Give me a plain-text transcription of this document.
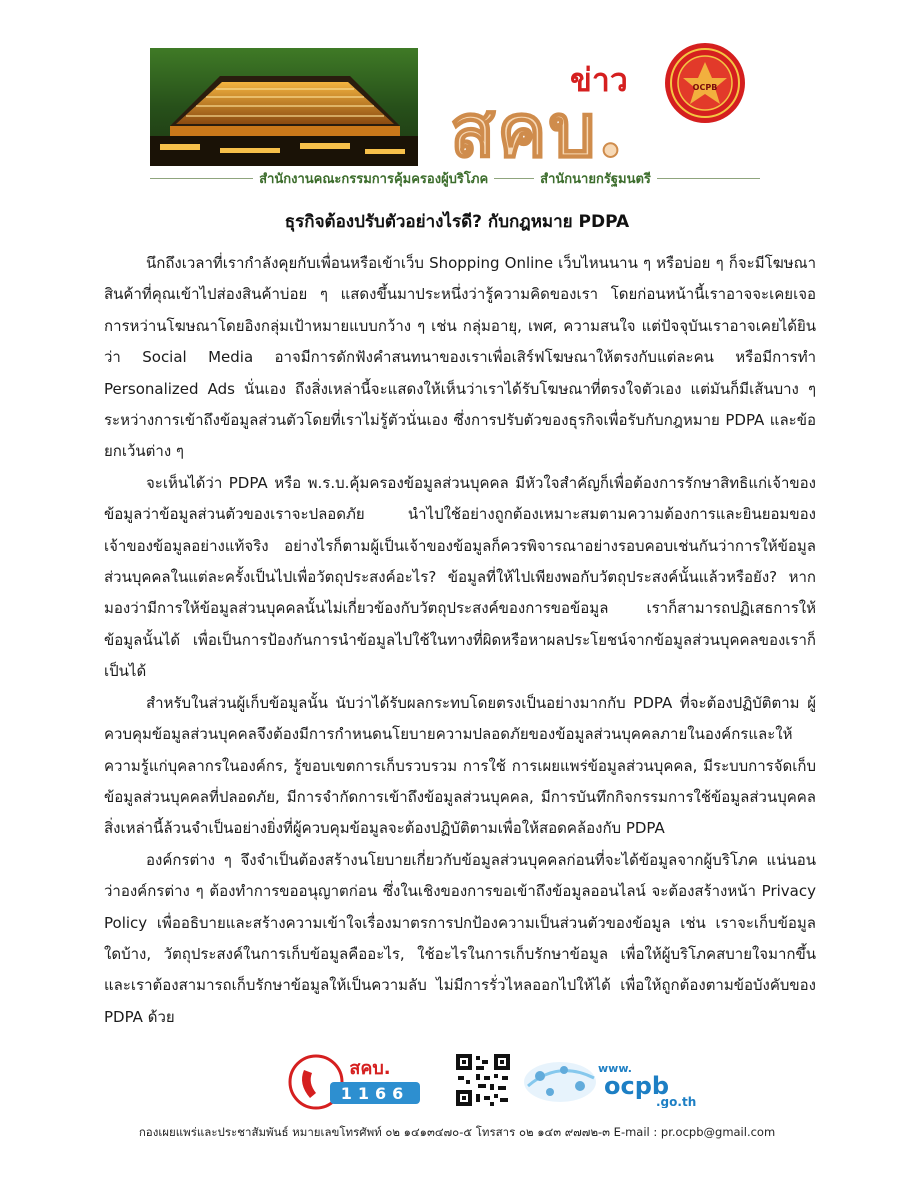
ข่าว
สคบ.
OCPB
สำนักงานคณะกรรมการคุ้มครองผู้บริโภค	สำนักนายกรัฐมนตรี
ธุรกิจต้องปรับตัวอย่างไรดี? กับกฎหมาย PDPA

นึกถึงเวลาที่เรากำลังคุยกับเพื่อนหรือเข้าเว็บ Shopping Online เว็บไหนนาน ๆ หรือบ่อย ๆ ก็จะมีโฆษณาสินค้าที่คุณเข้าไปส่องสินค้าบ่อย ๆ แสดงขึ้นมาประหนึ่งว่ารู้ความคิดของเรา โดยก่อนหน้านี้เราอาจจะเคยเจอการหว่านโฆษณาโดยอิงกลุ่มเป้าหมายแบบกว้าง ๆ เช่น กลุ่มอายุ, เพศ, ความสนใจ แต่ปัจจุบันเราอาจเคยได้ยินว่า Social Media อาจมีการดักฟังคำสนทนาของเราเพื่อเสิร์ฟโฆษณาให้ตรงกับแต่ละคน หรือมีการทำ Personalized Ads นั่นเอง ถึงสิ่งเหล่านี้จะแสดงให้เห็นว่าเราได้รับโฆษณาที่ตรงใจตัวเอง แต่มันก็มีเส้นบาง ๆ ระหว่างการเข้าถึงข้อมูลส่วนตัวโดยที่เราไม่รู้ตัวนั่นเอง ซึ่งการปรับตัวของธุรกิจเพื่อรับกับกฎหมาย PDPA และข้อยกเว้นต่าง ๆ

จะเห็นได้ว่า PDPA หรือ พ.ร.บ.คุ้มครองข้อมูลส่วนบุคคล มีหัวใจสำคัญก็เพื่อต้องการรักษาสิทธิแก่เจ้าของข้อมูลว่าข้อมูลส่วนตัวของเราจะปลอดภัย นำไปใช้อย่างถูกต้องเหมาะสมตามความต้องการและยินยอมของเจ้าของข้อมูลอย่างแท้จริง อย่างไรก็ตามผู้เป็นเจ้าของข้อมูลก็ควรพิจารณาอย่างรอบคอบเช่นกันว่าการให้ข้อมูลส่วนบุคคลในแต่ละครั้งเป็นไปเพื่อวัตถุประสงค์อะไร? ข้อมูลที่ให้ไปเพียงพอกับวัตถุประสงค์นั้นแล้วหรือยัง? หากมองว่ามีการให้ข้อมูลส่วนบุคคลนั้นไม่เกี่ยวข้องกับวัตถุประสงค์ของการขอข้อมูล เราก็สามารถปฏิเสธการให้ข้อมูลนั้นได้ เพื่อเป็นการป้องกันการนำข้อมูลไปใช้ในทางที่ผิดหรือหาผลประโยชน์จากข้อมูลส่วนบุคคลของเราก็เป็นได้

สำหรับในส่วนผู้เก็บข้อมูลนั้น นับว่าได้รับผลกระทบโดยตรงเป็นอย่างมากกับ PDPA ที่จะต้องปฏิบัติตาม ผู้ควบคุมข้อมูลส่วนบุคคลจึงต้องมีการกำหนดนโยบายความปลอดภัยของข้อมูลส่วนบุคคลภายในองค์กรและให้ความรู้แก่บุคลากรในองค์กร, รู้ขอบเขตการเก็บรวบรวม การใช้ การเผยแพร่ข้อมูลส่วนบุคคล, มีระบบการจัดเก็บข้อมูลส่วนบุคคลที่ปลอดภัย, มีการจำกัดการเข้าถึงข้อมูลส่วนบุคคล, มีการบันทึกกิจกรรมการใช้ข้อมูลส่วนบุคคล สิ่งเหล่านี้ล้วนจำเป็นอย่างยิ่งที่ผู้ควบคุมข้อมูลจะต้องปฏิบัติตามเพื่อให้สอดคล้องกับ PDPA

องค์กรต่าง ๆ จึงจำเป็นต้องสร้างนโยบายเกี่ยวกับข้อมูลส่วนบุคคลก่อนที่จะได้ข้อมูลจากผู้บริโภค แน่นอนว่าองค์กรต่าง ๆ ต้องทำการขออนุญาตก่อน ซึ่งในเชิงของการขอเข้าถึงข้อมูลออนไลน์ จะต้องสร้างหน้า Privacy Policy เพื่ออธิบายและสร้างความเข้าใจเรื่องมาตรการปกป้องความเป็นส่วนตัวของข้อมูล เช่น เราจะเก็บข้อมูลใดบ้าง, วัตถุประสงค์ในการเก็บข้อมูลคืออะไร, ใช้อะไรในการเก็บรักษาข้อมูล เพื่อให้ผู้บริโภคสบายใจมากขึ้น และเราต้องสามารถเก็บรักษาข้อมูลให้เป็นความลับ ไม่มีการรั่วไหลออกไปให้ได้ เพื่อให้ถูกต้องตามข้อบังคับของ PDPA ด้วย

สคบ.
1166
www.
ocpb
.go.th
กองเผยแพร่และประชาสัมพันธ์ หมายเลขโทรศัพท์ ๐๒ ๑๔๑๓๔๗๐-๕ โทรสาร ๐๒ ๑๔๓ ๙๗๗๒-๓ E-mail : pr.ocpb@gmail.com
